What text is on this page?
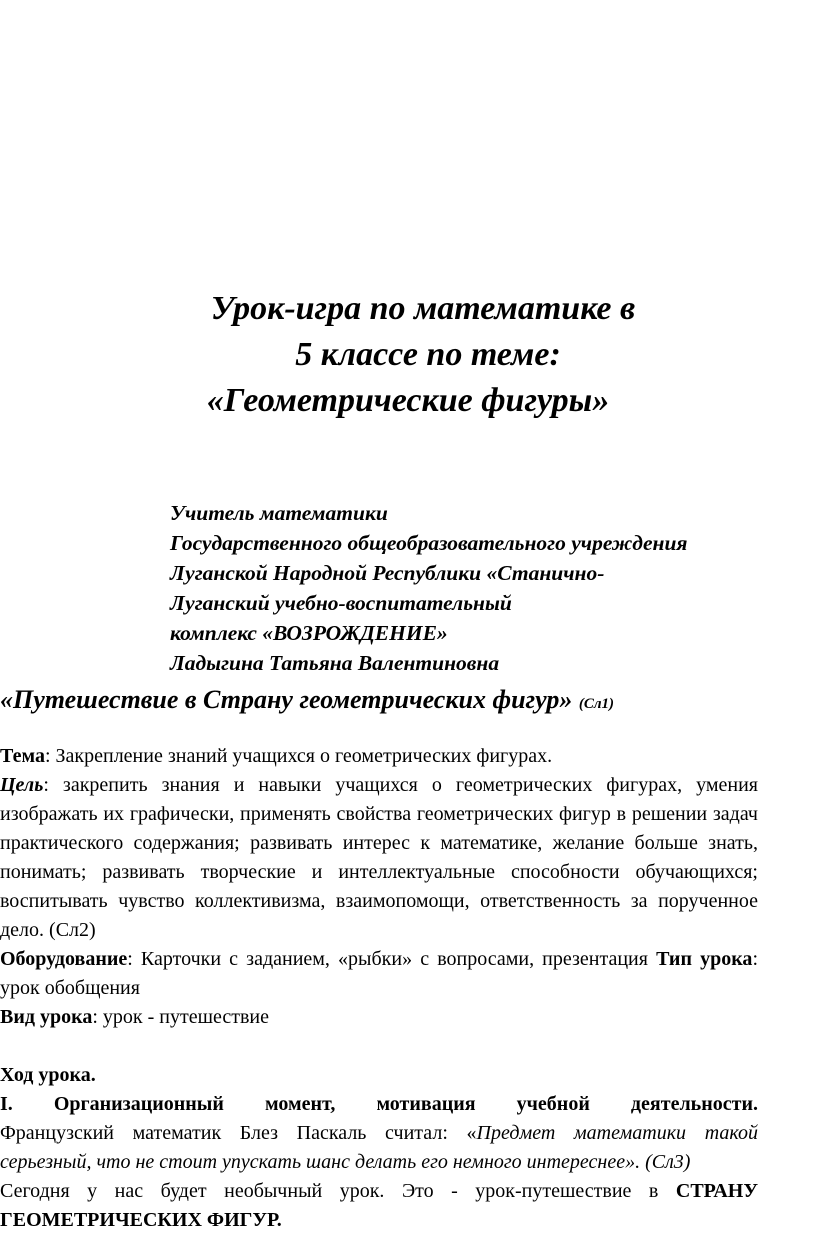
Урок-игра по математике в
5 классе по теме:
«Геометрические фигуры»
Учитель математики
Государственного общеобразовательного учреждения
Луганской Народной Республики «Станично-
Луганский учебно-воспитательный
комплекс «ВОЗРОЖДЕНИЕ»
Ладыгина Татьяна Валентиновна
«Путешествие в Страну геометрических фигур» (Сл1)

Тема: Закрепление знаний учащихся о геометрических фигурах.

Цель: закрепить знания и навыки учащихся о геометрических фигурах, умения изображать их графически, применять свойства геометрических фигур в решении задач практического содержания; развивать интерес к математике, желание больше знать, понимать; развивать творческие и интеллектуальные способности обучающихся; воспитывать чувство коллективизма, взаимопомощи, ответственность за порученное дело. (Сл2)

Оборудование: Карточки с заданием, «рыбки» с вопросами, презентация Тип урока: урок обобщения

Вид урока: урок - путешествие

Ход урока.

I. Организационный момент, мотивация учебной деятельности.

Французский математик Блез Паскаль считал: «Предмет математики такой серьезный, что не стоит упускать шанс делать его немного интереснее». (Сл3)

Сегодня у нас будет необычный урок. Это - урок-путешествие в СТРАНУ ГЕОМЕТРИЧЕСКИХ ФИГУР.
